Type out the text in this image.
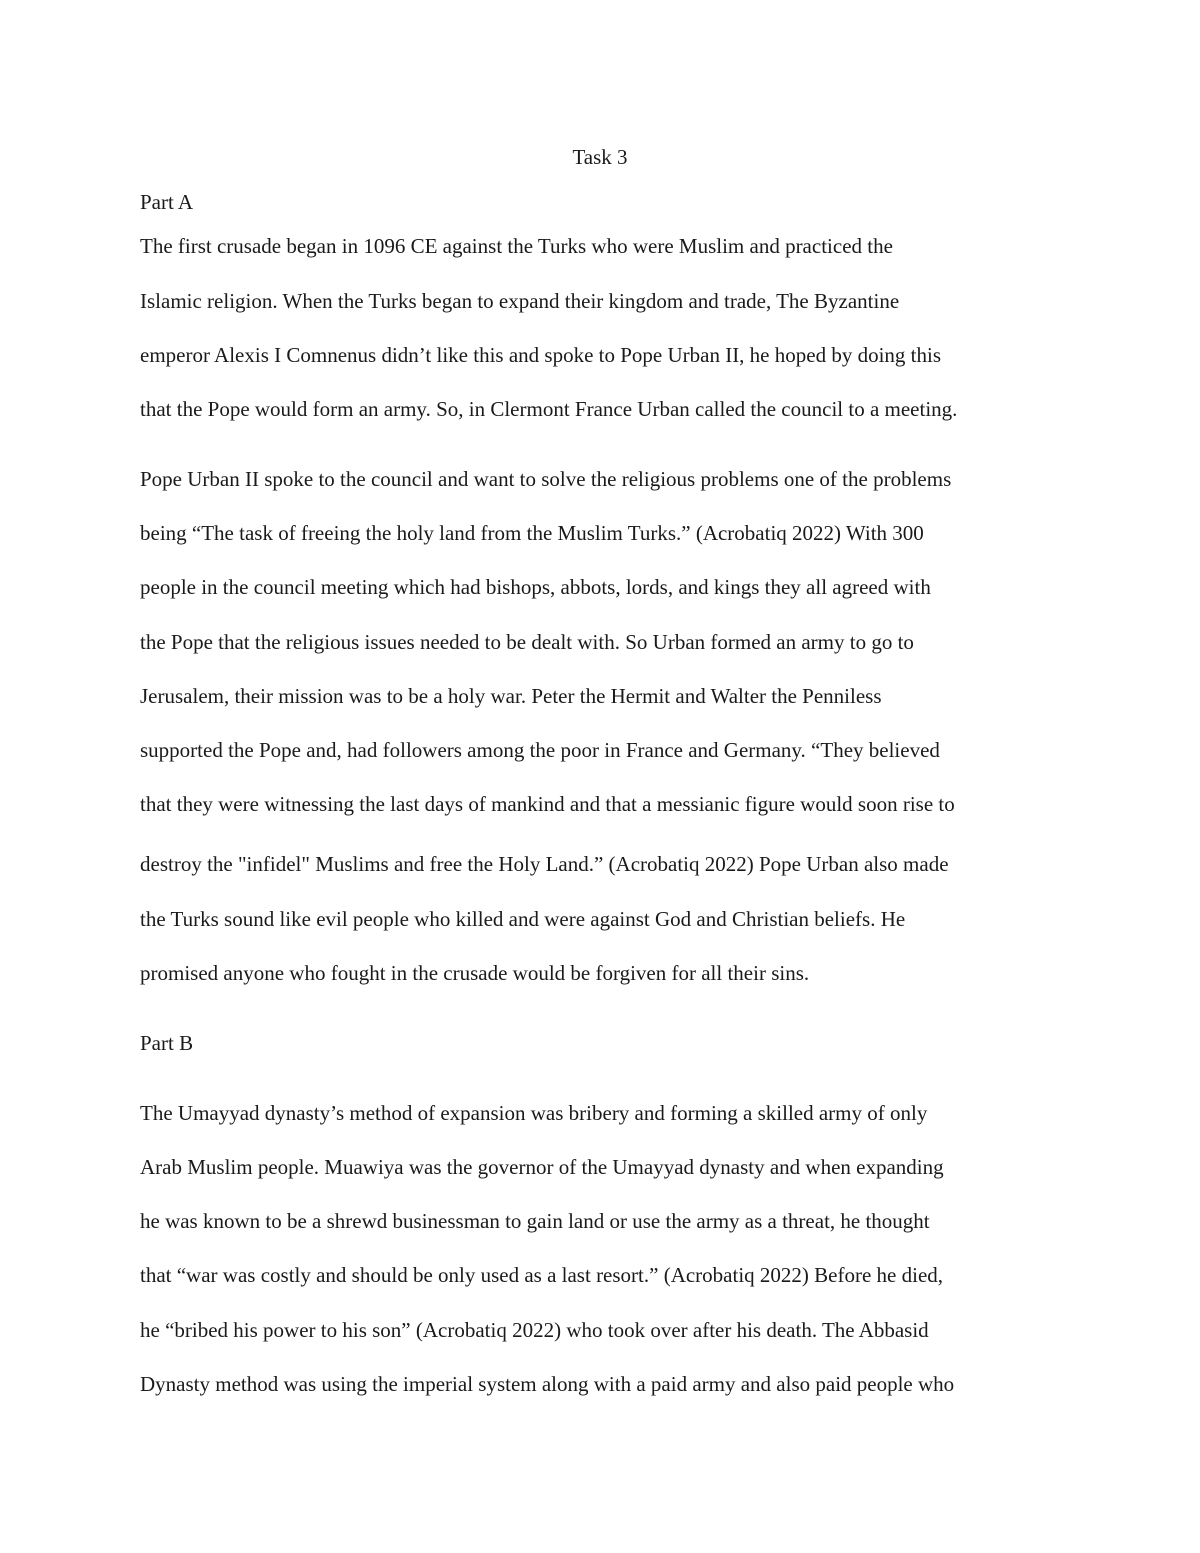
Task 3
Part A
The first crusade began in 1096 CE against the Turks who were Muslim and practiced the
Islamic religion. When the Turks began to expand their kingdom and trade, The Byzantine
emperor Alexis I Comnenus didn’t like this and spoke to Pope Urban II, he hoped by doing this
that the Pope would form an army. So, in Clermont France Urban called the council to a meeting.
Pope Urban II spoke to the council and want to solve the religious problems one of the problems
being “The task of freeing the holy land from the Muslim Turks.” (Acrobatiq 2022) With 300
people in the council meeting which had bishops, abbots, lords, and kings they all agreed with
the Pope that the religious issues needed to be dealt with. So Urban formed an army to go to
Jerusalem, their mission was to be a holy war. Peter the Hermit and Walter the Penniless
supported the Pope and, had followers among the poor in France and Germany. “They believed
that they were witnessing the last days of mankind and that a messianic figure would soon rise to
destroy the "infidel" Muslims and free the Holy Land.” (Acrobatiq 2022) Pope Urban also made
the Turks sound like evil people who killed and were against God and Christian beliefs. He
promised anyone who fought in the crusade would be forgiven for all their sins.
Part B
The Umayyad dynasty’s method of expansion was bribery and forming a skilled army of only
Arab Muslim people. Muawiya was the governor of the Umayyad dynasty and when expanding
he was known to be a shrewd businessman to gain land or use the army as a threat, he thought
that “war was costly and should be only used as a last resort.” (Acrobatiq 2022) Before he died,
he “bribed his power to his son” (Acrobatiq 2022) who took over after his death. The Abbasid
Dynasty method was using the imperial system along with a paid army and also paid people who
